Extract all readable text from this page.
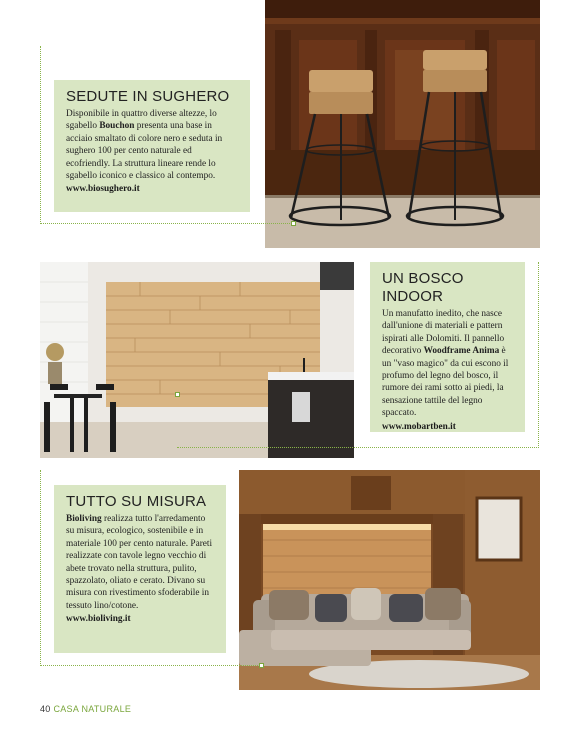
SEDUTE IN SUGHERO

Disponibile in quattro diverse altezze, lo sgabello Bouchon presenta una base in acciaio smaltato di colore nero e seduta in sughero 100 per cento naturale ed ecofriendly. La struttura lineare rende lo sgabello iconico e classico al contempo.

www.biosughero.it
UN BOSCO INDOOR

Un manufatto inedito, che nasce dall'unione di materiali e pattern ispirati alle Dolomiti. Il pannello decorativo Woodframe Anima è un "vaso magico" da cui escono il profumo del legno del bosco, il rumore dei rami sotto ai piedi, la sensazione tattile del legno spaccato.

www.mobartben.it
TUTTO SU MISURA

Bioliving realizza tutto l'arredamento su misura, ecologico, sostenibile e in materiale 100 per cento naturale. Pareti realizzate con tavole legno vecchio di abete trovato nella struttura, pulito, spazzolato, oliato e cerato. Divano su misura con rivestimento sfoderabile in tessuto lino/cotone.

www.bioliving.it
40 CASA NATURALE
